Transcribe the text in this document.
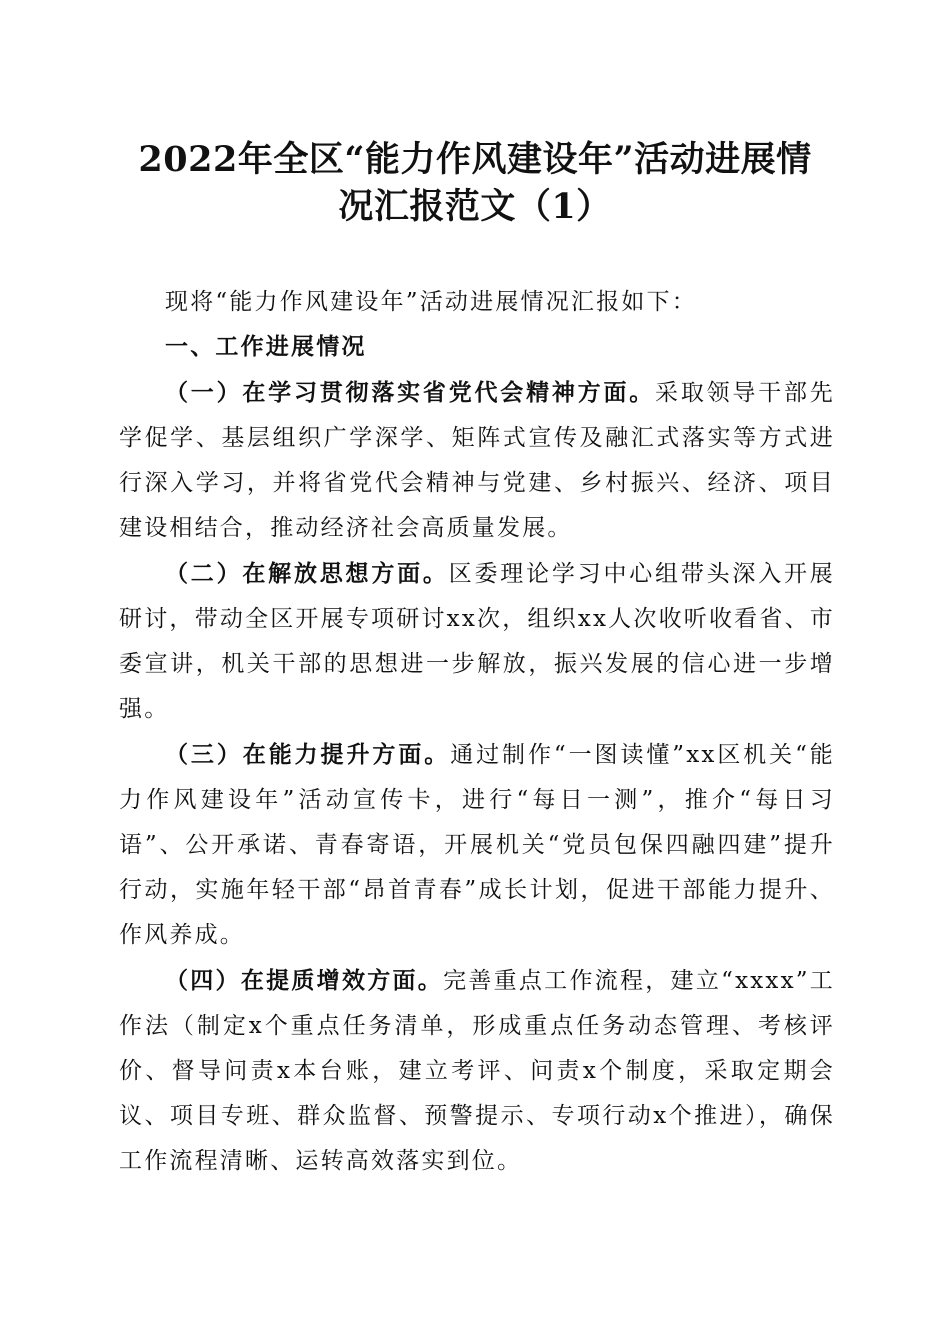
2022年全区“能力作风建设年”活动进展情
况汇报范文（1）

现将“能力作风建设年”活动进展情况汇报如下：

一、工作进展情况

（一）在学习贯彻落实省党代会精神方面。采取领导干部先学促学、基层组织广学深学、矩阵式宣传及融汇式落实等方式进行深入学习，并将省党代会精神与党建、乡村振兴、经济、项目建设相结合，推动经济社会高质量发展。

（二）在解放思想方面。区委理论学习中心组带头深入开展研讨，带动全区开展专项研讨xx次，组织xx人次收听收看省、市委宣讲，机关干部的思想进一步解放，振兴发展的信心进一步增强。

（三）在能力提升方面。通过制作“一图读懂”xx区机关“能力作风建设年”活动宣传卡，进行“每日一测”，推介“每日习语”、公开承诺、青春寄语，开展机关“党员包保四融四建”提升行动，实施年轻干部“昂首青春”成长计划，促进干部能力提升、作风养成。

（四）在提质增效方面。完善重点工作流程，建立“xxxx”工作法（制定x个重点任务清单，形成重点任务动态管理、考核评价、督导问责x本台账，建立考评、问责x个制度，采取定期会议、项目专班、群众监督、预警提示、专项行动x个推进），确保工作流程清晰、运转高效落实到位。
